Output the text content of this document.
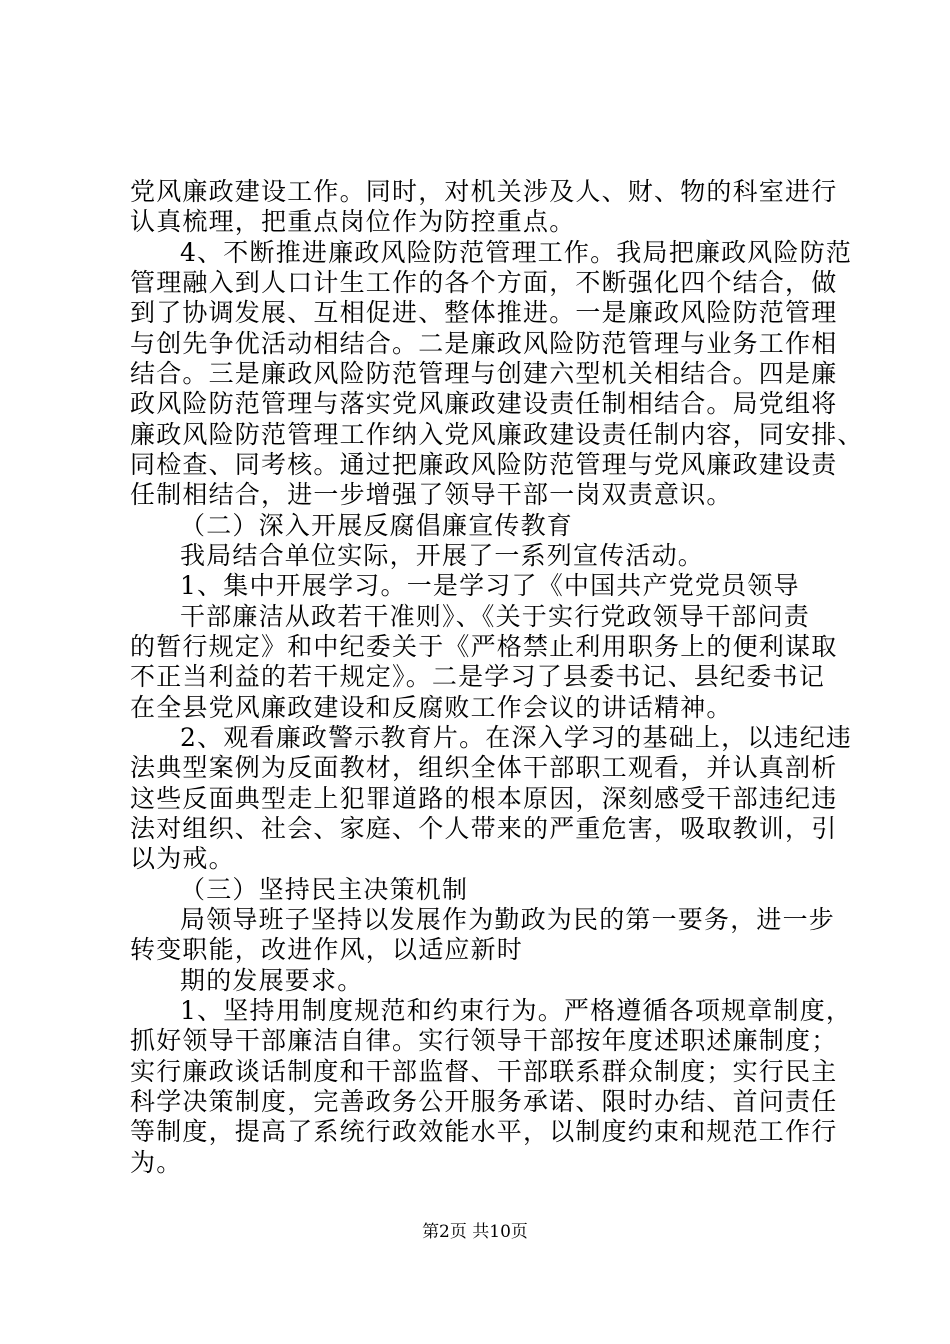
党风廉政建设工作。同时，对机关涉及人、财、物的科室进行
认真梳理，把重点岗位作为防控重点。
4、不断推进廉政风险防范管理工作。我局把廉政风险防范
管理融入到人口计生工作的各个方面，不断强化四个结合，做
到了协调发展、互相促进、整体推进。一是廉政风险防范管理
与创先争优活动相结合。二是廉政风险防范管理与业务工作相
结合。三是廉政风险防范管理与创建六型机关相结合。四是廉
政风险防范管理与落实党风廉政建设责任制相结合。局党组将
廉政风险防范管理工作纳入党风廉政建设责任制内容，同安排、
同检查、同考核。通过把廉政风险防范管理与党风廉政建设责
任制相结合，进一步增强了领导干部一岗双责意识。
（二）深入开展反腐倡廉宣传教育
我局结合单位实际，开展了一系列宣传活动。
1、集中开展学习。一是学习了《中国共产党党员领导
干部廉洁从政若干准则》、《关于实行党政领导干部问责
的暂行规定》和中纪委关于《严格禁止利用职务上的便利谋取
不正当利益的若干规定》。二是学习了县委书记、县纪委书记
在全县党风廉政建设和反腐败工作会议的讲话精神。
2、观看廉政警示教育片。在深入学习的基础上，以违纪违
法典型案例为反面教材，组织全体干部职工观看，并认真剖析
这些反面典型走上犯罪道路的根本原因，深刻感受干部违纪违
法对组织、社会、家庭、个人带来的严重危害，吸取教训，引
以为戒。
（三）坚持民主决策机制
局领导班子坚持以发展作为勤政为民的第一要务，进一步
转变职能，改进作风，以适应新时
期的发展要求。
1、坚持用制度规范和约束行为。严格遵循各项规章制度，
抓好领导干部廉洁自律。实行领导干部按年度述职述廉制度；
实行廉政谈话制度和干部监督、干部联系群众制度；实行民主
科学决策制度，完善政务公开服务承诺、限时办结、首问责任
等制度，提高了系统行政效能水平，以制度约束和规范工作行
为。
第2页 共10页
